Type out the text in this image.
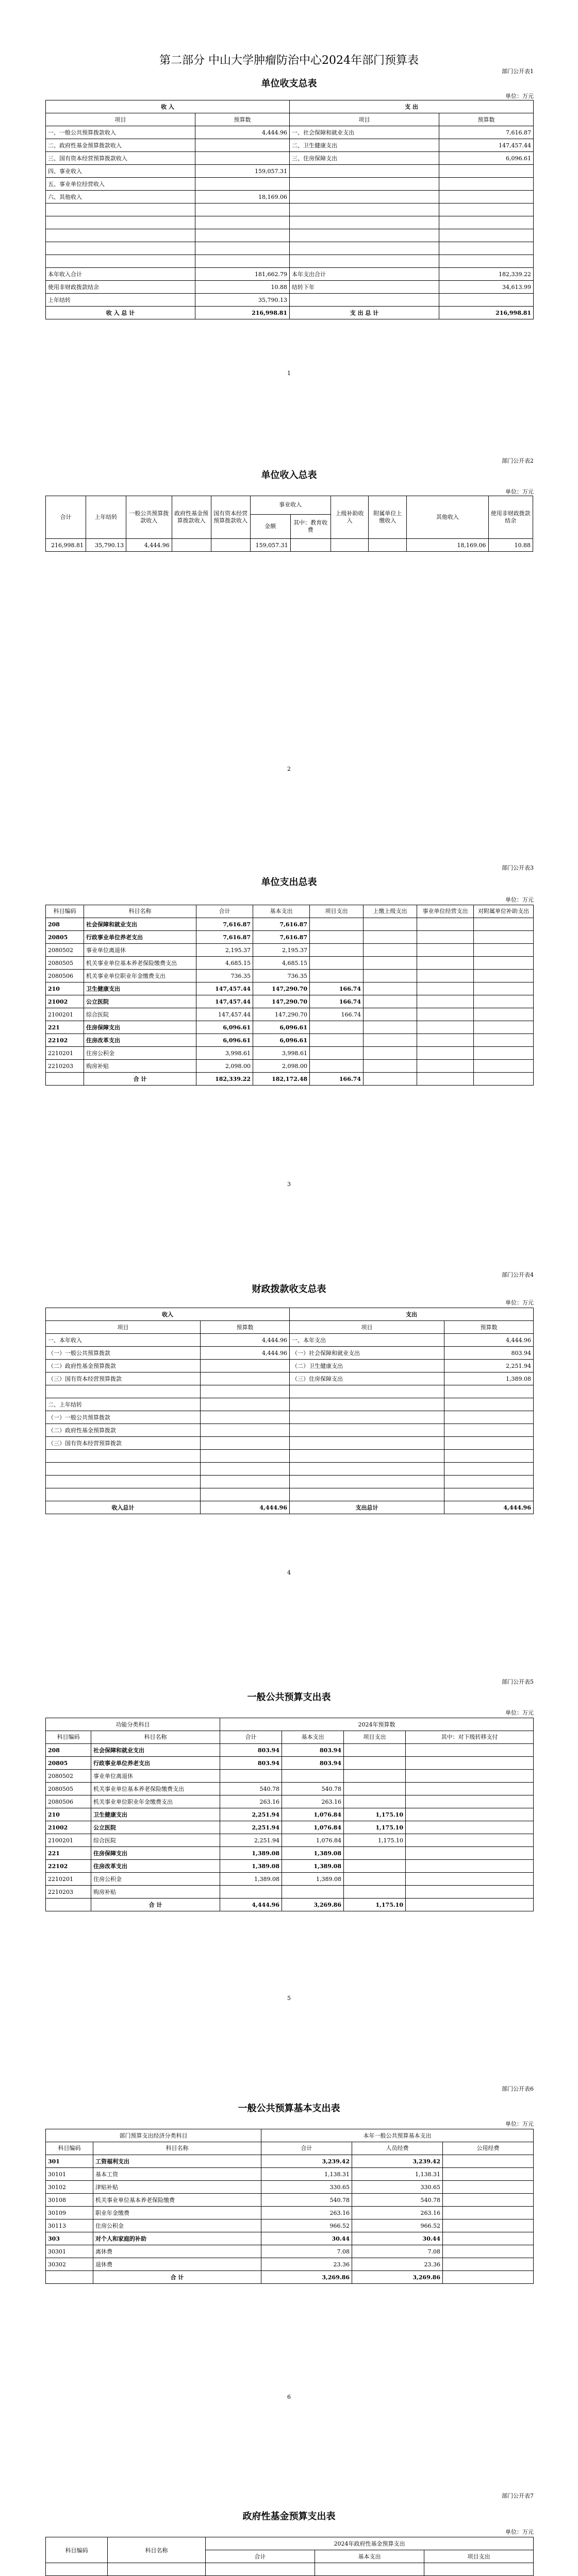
第二部分 中山大学肿瘤防治中心2024年部门预算表
部门公开表1
单位收支总表
单位：万元
收 入		支 出	
项目	预算数	项目	预算数
一、一般公共预算拨款收入	4,444.96	一、社会保障和就业支出	7,616.87
二、政府性基金预算拨款收入		二、卫生健康支出	147,457.44
三、国有资本经营预算拨款收入		三、住房保障支出	6,096.61
四、事业收入	159,057.31		
五、事业单位经营收入			
六、其他收入	18,169.06		

本年收入合计	181,662.79	本年支出合计	182,339.22
使用非财政拨款结余	10.88	结转下年	34,613.99
上年结转	35,790.13		
收 入 总 计	216,998.81	支 出 总 计	216,998.81
1
部门公开表2
单位收入总表
单位：万元
合计	上年结转	一般公共预算拨款收入	政府性基金预算拨款收入	国有资本经营预算拨款收入	事业收入		上级补助收入	附属单位上缴收入	其他收入	使用非财政拨款结余
					金额	其中：教育收费				
216,998.81	35,790.13	4,444.96			159,057.31				18,169.06	10.88
2
部门公开表3
单位支出总表
单位：万元
科目编码	科目名称	合计	基本支出	项目支出	上缴上级支出	事业单位经营支出	对附属单位补助支出
208	社会保障和就业支出	7,616.87	7,616.87				
20805	行政事业单位养老支出	7,616.87	7,616.87				
2080502	事业单位离退休	2,195.37	2,195.37				
2080505	机关事业单位基本养老保险缴费支出	4,685.15	4,685.15				
2080506	机关事业单位职业年金缴费支出	736.35	736.35				
210	卫生健康支出	147,457.44	147,290.70	166.74			
21002	公立医院	147,457.44	147,290.70	166.74			
2100201	综合医院	147,457.44	147,290.70	166.74			
221	住房保障支出	6,096.61	6,096.61				
22102	住房改革支出	6,096.61	6,096.61				
2210201	住房公积金	3,998.61	3,998.61				
2210203	购房补贴	2,098.00	2,098.00				
	合 计	182,339.22	182,172.48	166.74			
3
部门公开表4
财政拨款收支总表
单位：万元
收入		支出	
项目	预算数	项目	预算数
一、本年收入	4,444.96	一、本年支出	4,444.96
（一）一般公共预算拨款	4,444.96	（一）社会保障和就业支出	803.94
（二）政府性基金预算拨款		（二）卫生健康支出	2,251.94
（三）国有资本经营预算拨款		（三）住房保障支出	1,389.08

二、上年结转			
（一）一般公共预算拨款			
（二）政府性基金预算拨款			
（三）国有资本经营预算拨款			

收入总计	4,444.96	支出总计	4,444.96
4
部门公开表5
一般公共预算支出表
单位：万元
功能分类科目		2024年预算数			
科目编码	科目名称	合计	基本支出	项目支出	其中：对下级转移支付
208	社会保障和就业支出	803.94	803.94		
20805	行政事业单位养老支出	803.94	803.94		
2080502	事业单位离退休				
2080505	机关事业单位基本养老保险缴费支出	540.78	540.78		
2080506	机关事业单位职业年金缴费支出	263.16	263.16		
210	卫生健康支出	2,251.94	1,076.84	1,175.10	
21002	公立医院	2,251.94	1,076.84	1,175.10	
2100201	综合医院	2,251.94	1,076.84	1,175.10	
221	住房保障支出	1,389.08	1,389.08		
22102	住房改革支出	1,389.08	1,389.08		
2210201	住房公积金	1,389.08	1,389.08		
2210203	购房补贴				
	合 计	4,444.96	3,269.86	1,175.10	
5
部门公开表6
一般公共预算基本支出表
单位：万元
部门预算支出经济分类科目		本年一般公共预算基本支出		
科目编码	科目名称	合计	人员经费	公用经费
301	工资福利支出	3,239.42	3,239.42	
30101	基本工资	1,138.31	1,138.31	
30102	津贴补贴	330.65	330.65	
30108	机关事业单位基本养老保险缴费	540.78	540.78	
30109	职业年金缴费	263.16	263.16	
30113	住房公积金	966.52	966.52	
303	对个人和家庭的补助	30.44	30.44	
30301	离休费	7.08	7.08	
30302	退休费	23.36	23.36	
	合 计	3,269.86	3,269.86	
6
部门公开表7
政府性基金预算支出表
单位：万元
科目编码	科目名称	2024年政府性基金预算支出		
		合计	基本支出	项目支出
